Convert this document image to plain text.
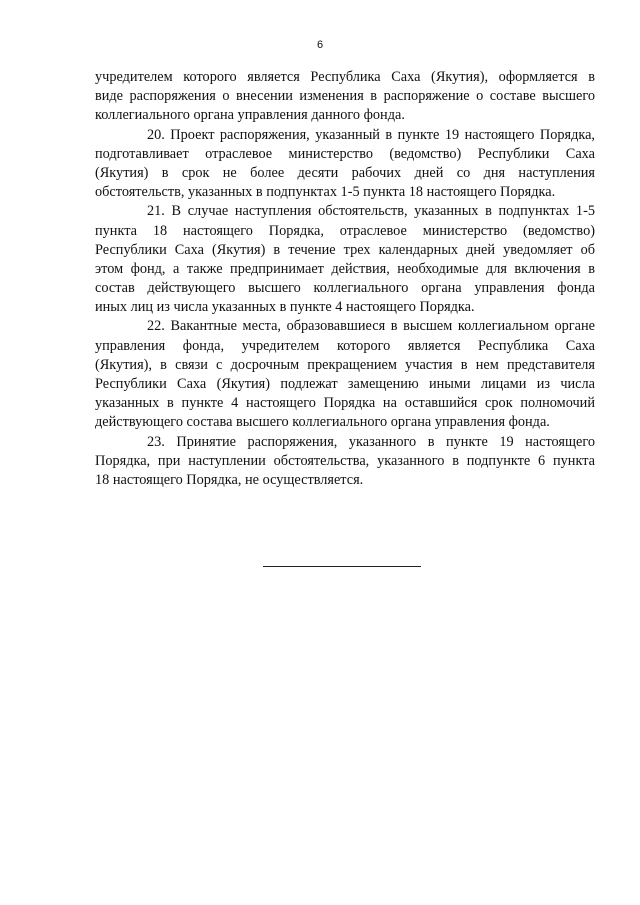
6
учредителем которого является Республика Саха (Якутия), оформляется в
виде распоряжения о внесении изменения в распоряжение о составе высшего
коллегиального органа управления данного фонда.
20. Проект распоряжения, указанный в пункте 19 настоящего Порядка,
подготавливает отраслевое министерство (ведомство) Республики Саха
(Якутия) в срок не более десяти рабочих дней со дня наступления
обстоятельств, указанных в подпунктах 1-5 пункта 18 настоящего Порядка.
21. В случае наступления обстоятельств, указанных в подпунктах 1-5
пункта 18 настоящего Порядка, отраслевое министерство (ведомство)
Республики Саха (Якутия) в течение трех календарных дней уведомляет об
этом фонд, а также предпринимает действия, необходимые для включения в
состав действующего высшего коллегиального органа управления фонда
иных лиц из числа указанных в пункте 4 настоящего Порядка.
22. Вакантные места, образовавшиеся в высшем коллегиальном органе
управления фонда, учредителем которого является Республика Саха
(Якутия), в связи с досрочным прекращением участия в нем представителя
Республики Саха (Якутия) подлежат замещению иными лицами из числа
указанных в пункте 4 настоящего Порядка на оставшийся срок полномочий
действующего состава высшего коллегиального органа управления фонда.
23. Принятие распоряжения, указанного в пункте 19 настоящего
Порядка, при наступлении обстоятельства, указанного в подпункте 6 пункта
18 настоящего Порядка, не осуществляется.
